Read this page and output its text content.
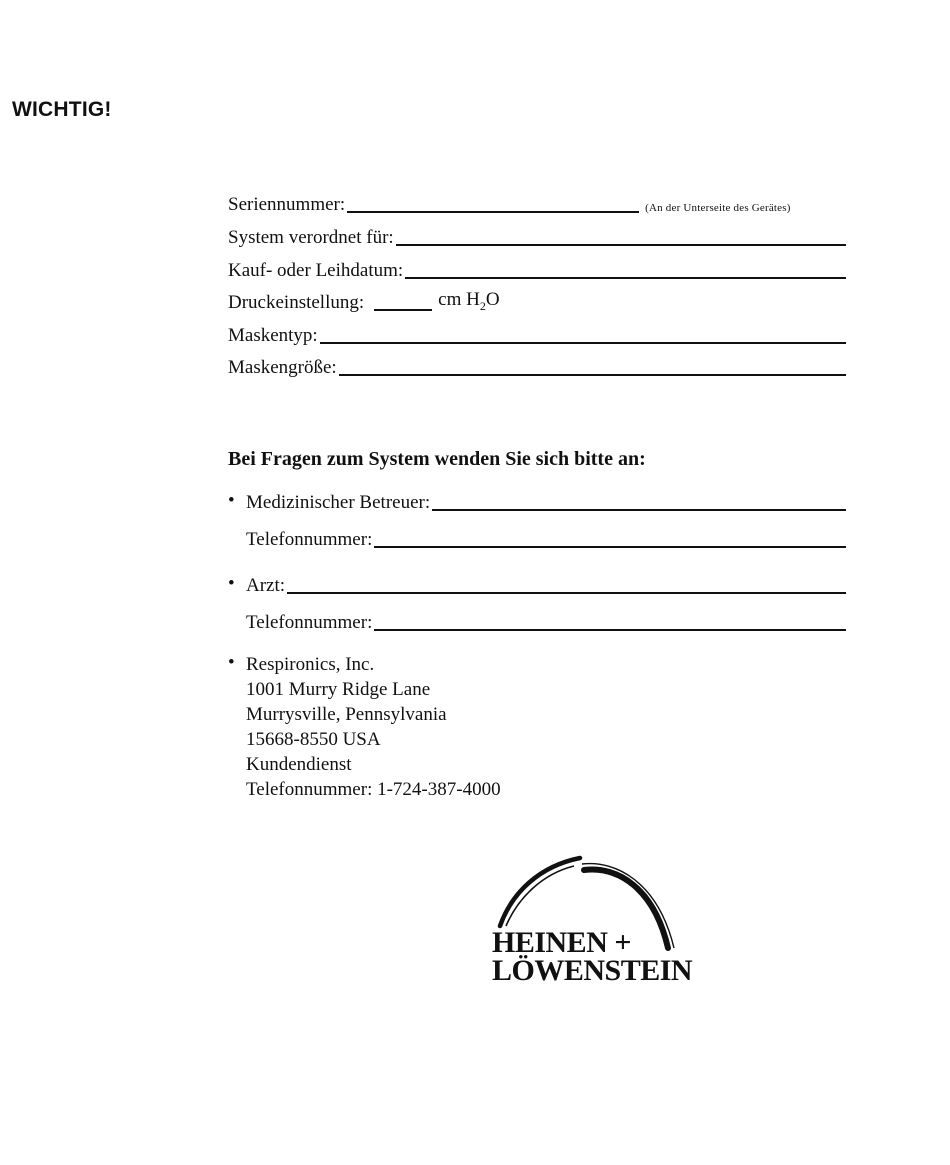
WICHTIG!
Seriennummer:	(An der Unterseite des Gerätes)
System verordnet für:
Kauf- oder Leihdatum:
Druckeinstellung:	cm $H_2O$
Maskentyp:
Maskengröße:
Bei Fragen zum System wenden Sie sich bitte an:
• Medizinischer Betreuer:
Telefonnummer:
• Arzt:
Telefonnummer:
• Respironics, Inc.
1001 Murry Ridge Lane
Murrysville, Pennsylvania
15668-8550 USA
Kundendienst
Telefonnummer: 1-724-387-4000
HEINEN +
LÖWENSTEIN
